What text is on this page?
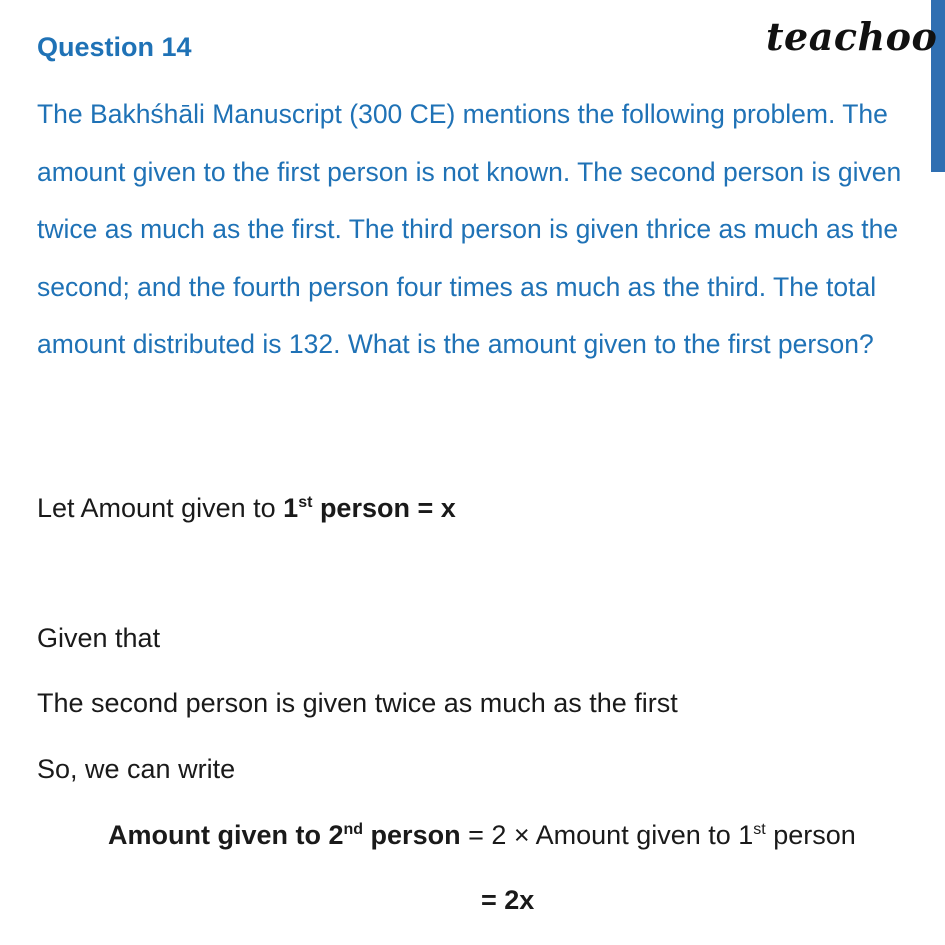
teachoo
Question 14
The Bakhśhāli Manuscript (300 CE) mentions the following problem. The amount given to the first person is not known. The second person is given twice as much as the first. The third person is given thrice as much as the second; and the fourth person four times as much as the third. The total amount distributed is 132. What is the amount given to the first person?
Let Amount given to 1st person = x
Given that
The second person is given twice as much as the first
So, we can write
Amount given to 2nd person = 2 × Amount given to 1st person
= 2x
